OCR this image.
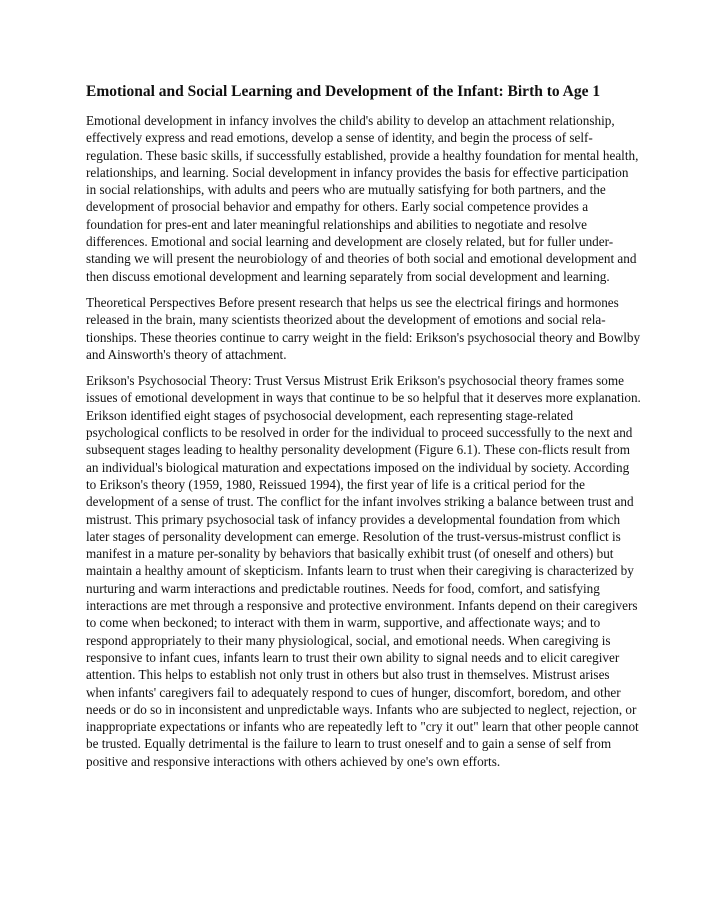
Emotional and Social Learning and Development of the Infant: Birth to Age 1

Emotional development in infancy involves the child's ability to develop an attachment relationship, effectively express and read emotions, develop a sense of identity, and begin the process of self-regulation. These basic skills, if successfully established, provide a healthy foundation for mental health, relationships, and learning. Social development in infancy provides the basis for effective participation in social relationships, with adults and peers who are mutually satisfying for both partners, and the development of prosocial behavior and empathy for others. Early social competence provides a foundation for pres-ent and later meaningful relationships and abilities to negotiate and resolve differences. Emotional and social learning and development are closely related, but for fuller under-standing we will present the neurobiology of and theories of both social and emotional development and then discuss emotional development and learning separately from social development and learning.

Theoretical Perspectives Before present research that helps us see the electrical firings and hormones released in the brain, many scientists theorized about the development of emotions and social rela-tionships. These theories continue to carry weight in the field: Erikson's psychosocial theory and Bowlby and Ainsworth's theory of attachment.

Erikson's Psychosocial Theory: Trust Versus Mistrust Erik Erikson's psychosocial theory frames some issues of emotional development in ways that continue to be so helpful that it deserves more explanation. Erikson identified eight stages of psychosocial development, each representing stage-related psychological conflicts to be resolved in order for the individual to proceed successfully to the next and subsequent stages leading to healthy personality development (Figure 6.1). These con-flicts result from an individual's biological maturation and expectations imposed on the individual by society. According to Erikson's theory (1959, 1980, Reissued 1994), the first year of life is a critical period for the development of a sense of trust. The conflict for the infant involves striking a balance between trust and mistrust. This primary psychosocial task of infancy provides a developmental foundation from which later stages of personality development can emerge. Resolution of the trust-versus-mistrust conflict is manifest in a mature per-sonality by behaviors that basically exhibit trust (of oneself and others) but maintain a healthy amount of skepticism. Infants learn to trust when their caregiving is characterized by nurturing and warm interactions and predictable routines. Needs for food, comfort, and satisfying interactions are met through a responsive and protective environment. Infants depend on their caregivers to come when beckoned; to interact with them in warm, supportive, and affectionate ways; and to respond appropriately to their many physiological, social, and emotional needs. When caregiving is responsive to infant cues, infants learn to trust their own ability to signal needs and to elicit caregiver attention. This helps to establish not only trust in others but also trust in themselves. Mistrust arises when infants' caregivers fail to adequately respond to cues of hunger, discomfort, boredom, and other needs or do so in inconsistent and unpredictable ways. Infants who are subjected to neglect, rejection, or inappropriate expectations or infants who are repeatedly left to "cry it out" learn that other people cannot be trusted. Equally detrimental is the failure to learn to trust oneself and to gain a sense of self from positive and responsive interactions with others achieved by one's own efforts.
